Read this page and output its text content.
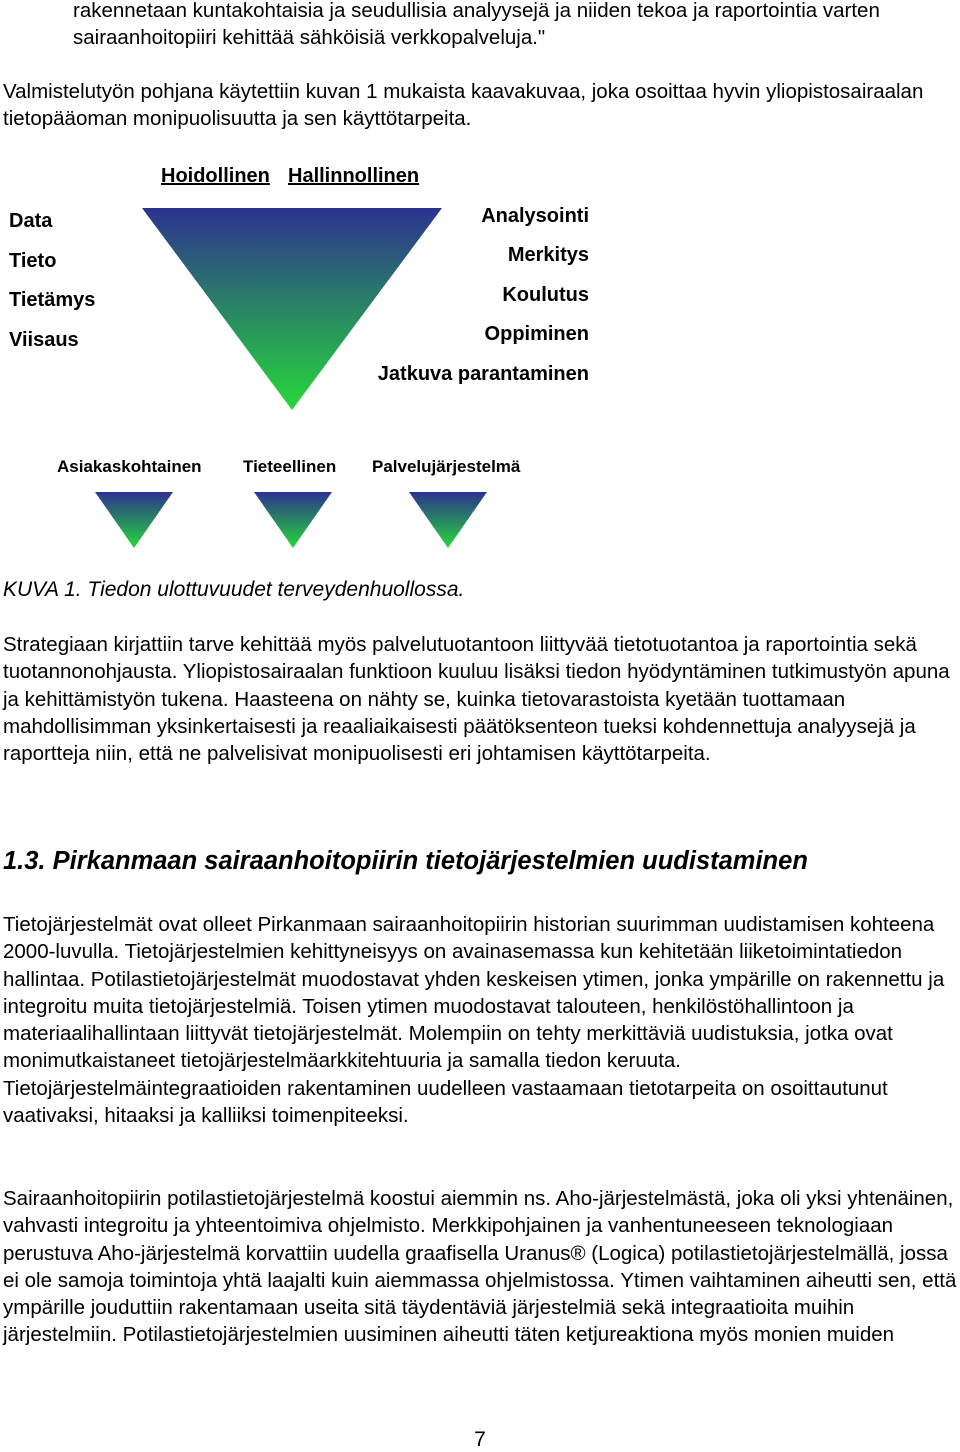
rakennetaan kuntakohtaisia ja seudullisia analyysejä ja niiden tekoa ja raportointia varten sairaanhoitopiiri kehittää sähköisiä verkkopalveluja."

Valmistelutyön pohjana käytettiin kuvan 1 mukaista kaavakuvaa, joka osoittaa hyvin yliopistosairaalan tietopääoman monipuolisuutta ja sen käyttötarpeita.

Hoidollinen Hallinnollinen
Data
Tieto
Tietämys
Viisaus
Analysointi
Merkitys
Koulutus
Oppiminen
Jatkuva parantaminen
Asiakaskohtainen Tieteellinen Palvelujärjestelmä
KUVA 1. Tiedon ulottuvuudet terveydenhuollossa.

Strategiaan kirjattiin tarve kehittää myös palvelutuotantoon liittyvää tietotuotantoa ja raportointia sekä tuotannonohjausta. Yliopistosairaalan funktioon kuuluu lisäksi tiedon hyödyntäminen tutkimustyön apuna ja kehittämistyön tukena. Haasteena on nähty se, kuinka tietovarastoista kyetään tuottamaan mahdollisimman yksinkertaisesti ja reaaliaikaisesti päätöksenteon tueksi kohdennettuja analyysejä ja raportteja niin, että ne palvelisivat monipuolisesti eri johtamisen käyttötarpeita.

1.3. Pirkanmaan sairaanhoitopiirin tietojärjestelmien uudistaminen

Tietojärjestelmät ovat olleet Pirkanmaan sairaanhoitopiirin historian suurimman uudistamisen kohteena 2000-luvulla. Tietojärjestelmien kehittyneisyys on avainasemassa kun kehitetään liiketoimintatiedon hallintaa. Potilastietojärjestelmät muodostavat yhden keskeisen ytimen, jonka ympärille on rakennettu ja integroitu muita tietojärjestelmiä. Toisen ytimen muodostavat talouteen, henkilöstöhallintoon ja materiaalihallintaan liittyvät tietojärjestelmät. Molempiin on tehty merkittäviä uudistuksia, jotka ovat monimutkaistaneet tietojärjestelmäarkkitehtuuria ja samalla tiedon keruuta. Tietojärjestelmäintegraatioiden rakentaminen uudelleen vastaamaan tietotarpeita on osoittautunut vaativaksi, hitaaksi ja kalliiksi toimenpiteeksi.

Sairaanhoitopiirin potilastietojärjestelmä koostui aiemmin ns. Aho-järjestelmästä, joka oli yksi yhtenäinen, vahvasti integroitu ja yhteentoimiva ohjelmisto. Merkkipohjainen ja vanhentuneeseen teknologiaan perustuva Aho-järjestelmä korvattiin uudella graafisella Uranus® (Logica) potilastietojärjestelmällä, jossa ei ole samoja toimintoja yhtä laajalti kuin aiemmassa ohjelmistossa. Ytimen vaihtaminen aiheutti sen, että ympärille jouduttiin rakentamaan useita sitä täydentäviä järjestelmiä sekä integraatioita muihin järjestelmiin. Potilastietojärjestelmien uusiminen aiheutti täten ketjureaktiona myös monien muiden

7
